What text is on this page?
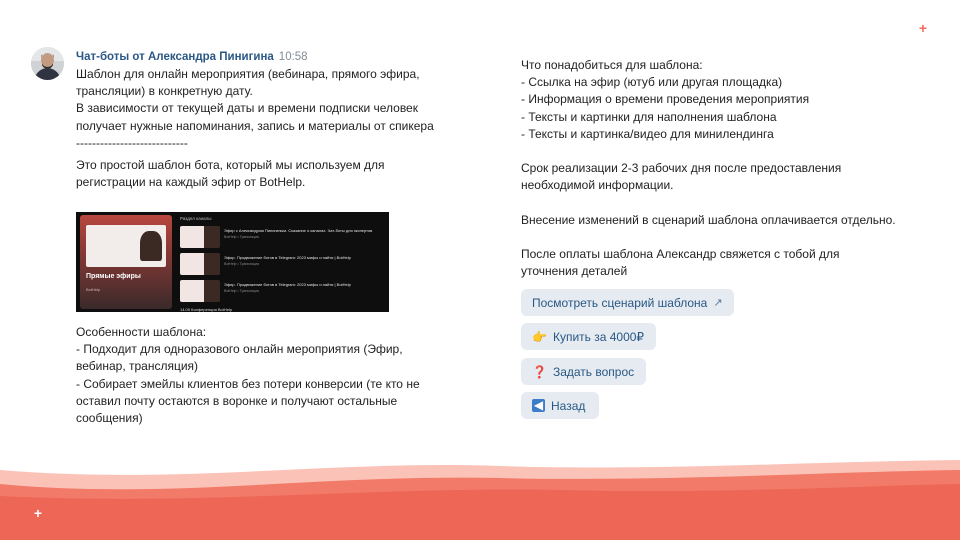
+
+
Чат-боты от Александра Пинигина 10:58
Шаблон для онлайн мероприятия (вебинара, прямого эфира,
трансляции) в конкретную дату.
В зависимости от текущей даты и времени подписки человек
получает нужные напоминания, запись и материалы от спикера
----------------------------
Это простой шаблон бота, который мы используем для
регистрации на каждый эфир от BotHelp.
Прямые эфиры
BotHelp
Раздел каналы
Эфир с Александром Пинигиным. Сказание о каналах. Чат-боты для экспертов
BotHelp • Трансляция
Эфир. Продвижение ботов в Telegram: 2023 мифы и найти | BotHelp
BotHelp • Трансляция
Эфир. Продвижение ботов в Telegram: 2023 мифы и найти | BotHelp
BotHelp • Трансляция
14.09 Конференция BotHelp
Особенности шаблона:
- Подходит для одноразового онлайн мероприятия (Эфир,
вебинар, трансляция)
- Собирает эмейлы клиентов без потери конверсии (те кто не
оставил почту остаются в воронке и получают остальные
сообщения)
Что понадобиться для шаблона:
- Ссылка на эфир (ютуб или другая площадка)
- Информация о времени проведения мероприятия
- Тексты и картинки для наполнения шаблона
- Тексты и картинка/видео для минилендинга
Срок реализации 2-3 рабочих дня после предоставления
необходимой информации.
Внесение изменений в сценарий шаблона оплачивается отдельно.
После оплаты шаблона Александр свяжется с тобой для
уточнения деталей
Посмотреть сценарий шаблона ↗
👉 Купить за 4000₽
❓ Задать вопрос
◀ Назад
